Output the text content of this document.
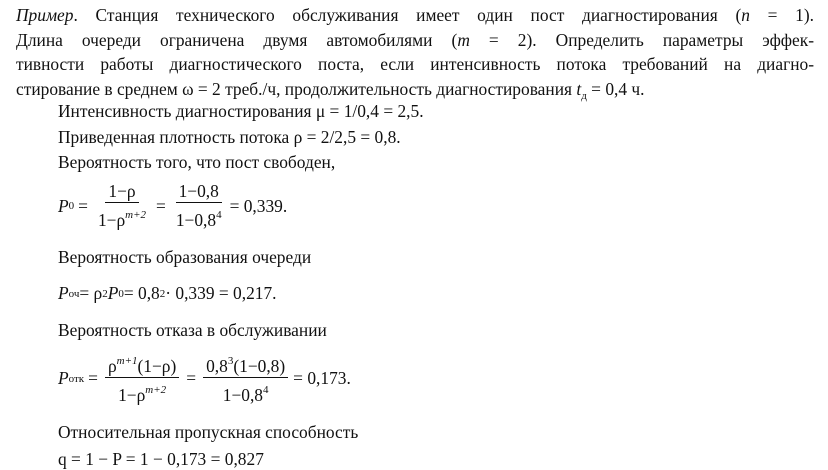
Пример. Станция технического обслуживания имеет один пост диагностирования (n = 1).
Длина очереди ограничена двумя автомобилями (m = 2). Определить параметры эффек-
тивности работы диагностического поста, если интенсивность потока требований на диагно-
стирование в среднем ω = 2 треб./ч, продолжительность диагностирования $t_д = 0,4$ ч.
Интенсивность диагностирования μ = 1/0,4 = 2,5.
Приведенная плотность потока ρ = 2/2,5 = 0,8.
Вероятность того, что пост свободен,
P $0 = \frac{1-\rho}{1-\rho^{m+2}} = \frac{1-0,8}{1-0,8^4} = 0,339$.
Вероятность образования очереди
P оч = ρ 2 P 0 = 0,8 2 · 0,339 = 0,217.
Вероятность отказа в обслуживании
P отк = $\frac{\rho^{m+1}(1-\rho)}{1-\rho^{m+2}} = \frac{0,8^3(1-0,8)}{1-0,8^4} = 0,173$.
Относительная пропускная способность
q = 1 − P = 1 − 0,173 = 0,827
